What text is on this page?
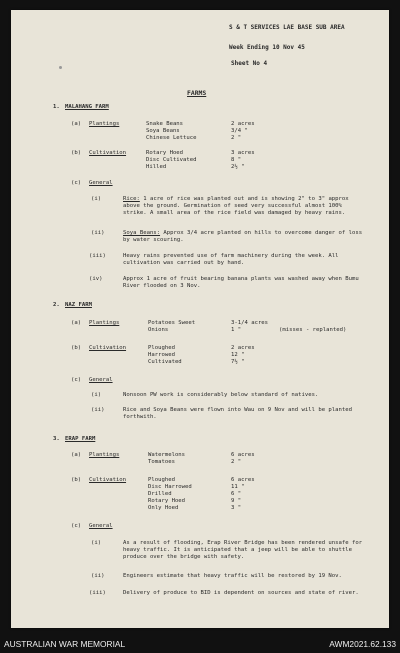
S & T SERVICES LAE BASE SUB AREA
Week Ending 10 Nov 45
Sheet No 4
FARMS
1. MALAHANG FARM
(a) Plantings	Snake Beans	2 acres
Soya Beans	3/4 "
Chinese Lettuce	2 "
(b) Cultivation	Rotary Hoed	3 acres
Disc Cultivated	8 "
Hilled	2½ "
(c) General
(i)	Rice: 1 acre of rice was planted out and is showing 2" to 3" approx above the ground. Germination of seed very successful almost 100% strike. A small area of the rice field was damaged by heavy rains.
(ii)	Soya Beans: Approx 3/4 acre planted on hills to overcome danger of loss by water scouring.
(iii)	Heavy rains prevented use of farm machinery during the week. All cultivation was carried out by hand.
(iv)	Approx 1 acre of fruit bearing banana plants was washed away when Bumu River flooded on 3 Nov.
2. NAZ FARM
(a) Plantings	Potatoes Sweet	3-1/4 acres
Onions	1 "	(misses - replanted)
(b) Cultivation	Ploughed	2 acres
Harrowed	12 "
Cultivated	7½ "
(c) General
(i)	Nonsoon PW work is considerably below standard of natives.
(ii)	Rice and Soya Beans were flown into Wau on 9 Nov and will be planted forthwith.
3. ERAP FARM
(a) Plantings	Watermelons	6 acres
Tomatoes	2 "
(b) Cultivation	Ploughed	6 acres
Disc Harrowed	11 "
Drilled	6 "
Rotary Hoed	9 "
Only Hoed	3 "
(c) General
(i)	As a result of flooding, Erap River Bridge has been rendered unsafe for heavy traffic. It is anticipated that a jeep will be able to shuttle produce over the bridge with safety.
(ii)	Engineers estimate that heavy traffic will be restored by 19 Nov.
(iii)	Delivery of produce to BID is dependent on sources and state of river.
AUSTRALIAN WAR MEMORIAL	AWM2021.62.133
